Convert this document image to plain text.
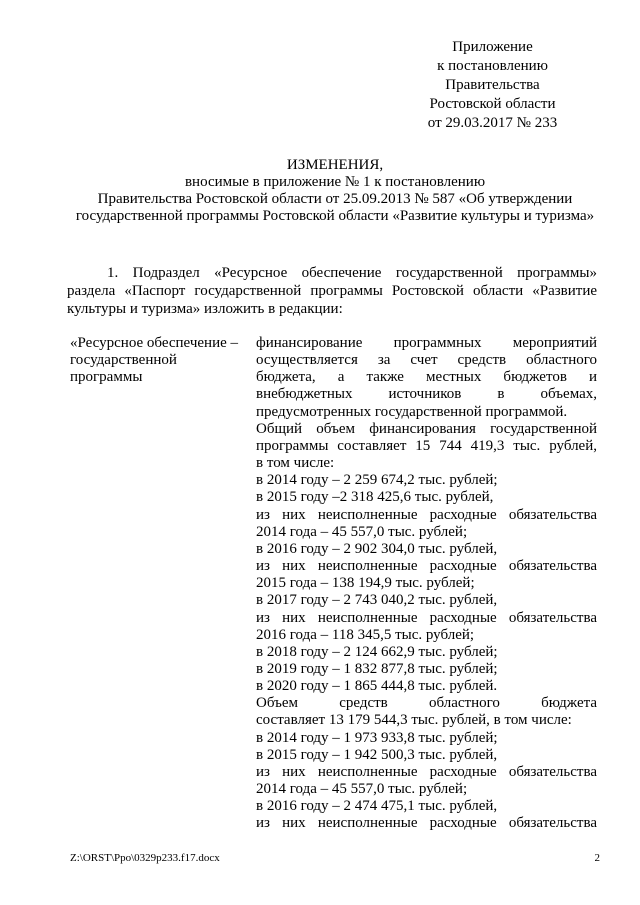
Приложение
к постановлению
Правительства
Ростовской области
от 29.03.2017 № 233
ИЗМЕНЕНИЯ,
вносимые в приложение № 1 к постановлению
Правительства Ростовской области от 25.09.2013 № 587 «Об утверждении
государственной программы Ростовской области «Развитие культуры и туризма»
1. Подраздел «Ресурсное обеспечение государственной программы»
раздела «Паспорт государственной программы Ростовской области «Развитие
культуры и туризма» изложить в редакции:
«Ресурсное обеспечение –
государственной
программы
финансирование программных мероприятий
осуществляется за счет средств областного
бюджета, а также местных бюджетов и
внебюджетных источников в объемах,
предусмотренных государственной программой.
Общий объем финансирования государственной
программы составляет 15 744 419,3 тыс. рублей,
в том числе:
в 2014 году – 2 259 674,2 тыс. рублей;
в 2015 году –2 318 425,6 тыс. рублей,
из них неисполненные расходные обязательства
2014 года – 45 557,0 тыс. рублей;
в 2016 году – 2 902 304,0 тыс. рублей,
из них неисполненные расходные обязательства
2015 года – 138 194,9 тыс. рублей;
в 2017 году – 2 743 040,2 тыс. рублей,
из них неисполненные расходные обязательства
2016 года – 118 345,5 тыс. рублей;
в 2018 году – 2 124 662,9 тыс. рублей;
в 2019 году – 1 832 877,8 тыс. рублей;
в 2020 году – 1 865 444,8 тыс. рублей.
Объем средств областного бюджета
составляет 13 179 544,3 тыс. рублей, в том числе:
в 2014 году – 1 973 933,8 тыс. рублей;
в 2015 году – 1 942 500,3 тыс. рублей,
из них неисполненные расходные обязательства
2014 года – 45 557,0 тыс. рублей;
в 2016 году – 2 474 475,1 тыс. рублей,
из них неисполненные расходные обязательства
Z:\ORST\Ppo\0329p233.f17.docx	2
